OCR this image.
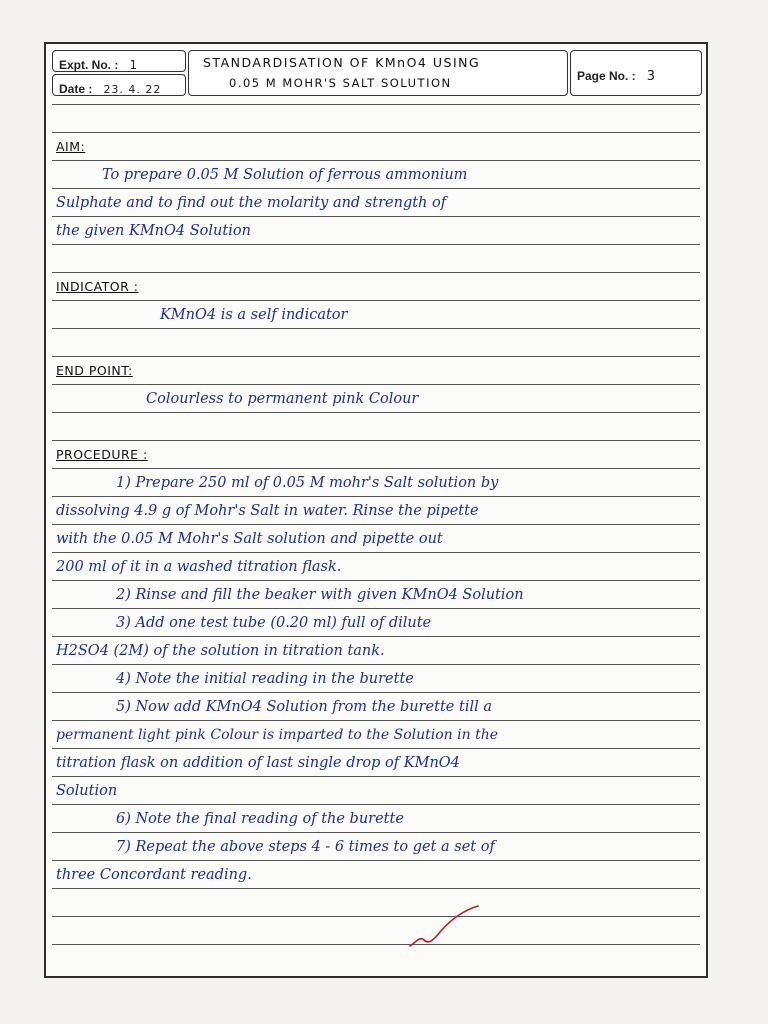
Expt. No. : 1
Date : 23. 4. 22
STANDARDISATION OF KMnO4 USING
0.05 M MOHR'S SALT SOLUTION	Page No. : 3
AIM:
To prepare 0.05 M Solution of ferrous ammonium
Sulphate and to find out the molarity and strength of
the given KMnO4 Solution
INDICATOR :
KMnO4 is a self indicator
END POINT:
Colourless to permanent pink Colour
PROCEDURE :
1) Prepare 250 ml of 0.05 M mohr's Salt solution by
dissolving 4.9 g of Mohr's Salt in water. Rinse the pipette
with the 0.05 M Mohr's Salt solution and pipette out
200 ml of it in a washed titration flask.
2) Rinse and fill the beaker with given KMnO4 Solution
3) Add one test tube (0.20 ml) full of dilute
H2SO4 (2M) of the solution in titration tank.
4) Note the initial reading in the burette
5) Now add KMnO4 Solution from the burette till a
permanent light pink Colour is imparted to the Solution in the
titration flask on addition of last single drop of KMnO4
Solution
6) Note the final reading of the burette
7) Repeat the above steps 4 - 6 times to get a set of
three Concordant reading.
